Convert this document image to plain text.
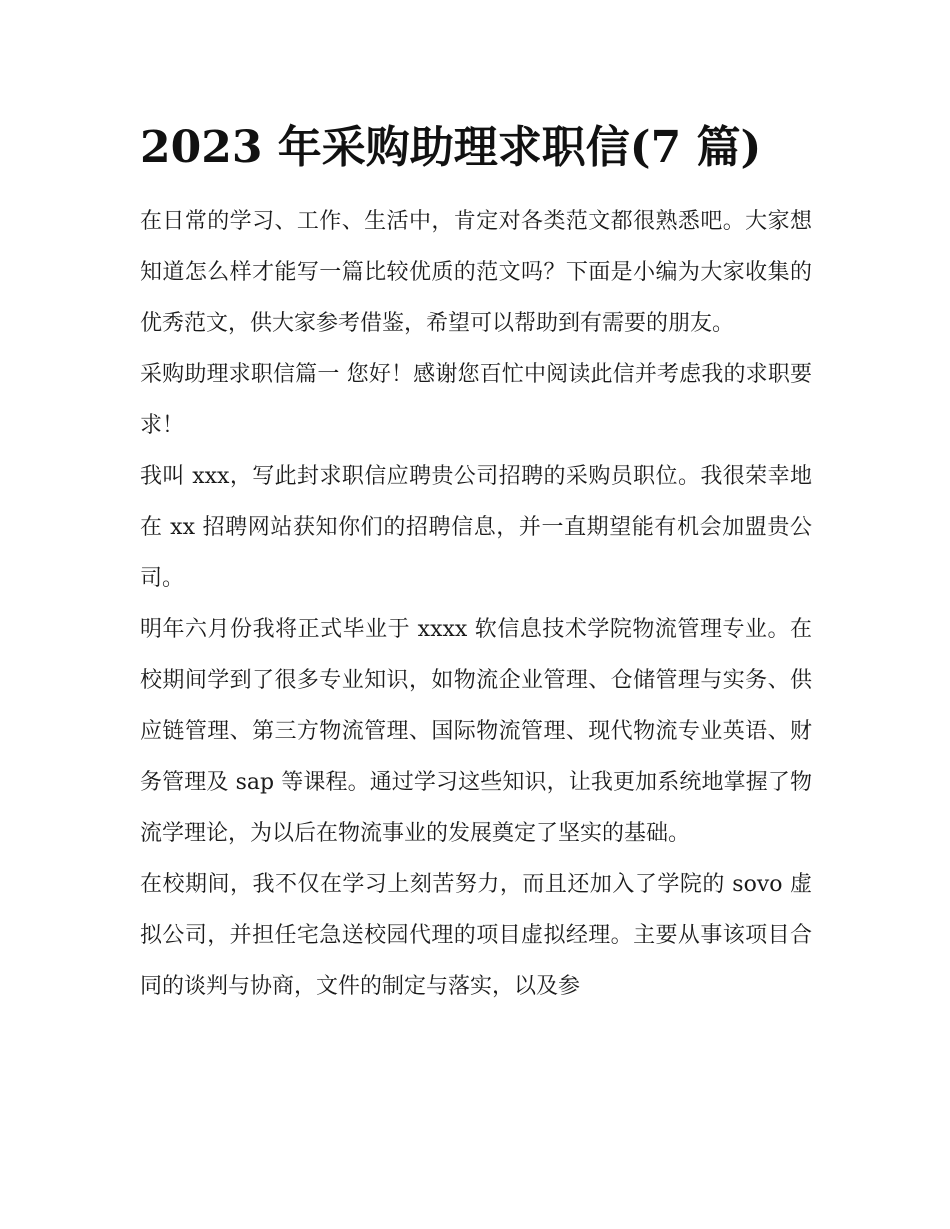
2023 年采购助理求职信(7 篇)

在日常的学习、工作、生活中，肯定对各类范文都很熟悉吧。大家想知道怎么样才能写一篇比较优质的范文吗？下面是小编为大家收集的优秀范文，供大家参考借鉴，希望可以帮助到有需要的朋友。

采购助理求职信篇一 您好！感谢您百忙中阅读此信并考虑我的求职要求！

我叫 xxx，写此封求职信应聘贵公司招聘的采购员职位。我很荣幸地在 xx 招聘网站获知你们的招聘信息，并一直期望能有机会加盟贵公司。

明年六月份我将正式毕业于 xxxx 软信息技术学院物流管理专业。在校期间学到了很多专业知识，如物流企业管理、仓储管理与实务、供应链管理、第三方物流管理、国际物流管理、现代物流专业英语、财务管理及 sap 等课程。通过学习这些知识，让我更加系统地掌握了物流学理论，为以后在物流事业的发展奠定了坚实的基础。

在校期间，我不仅在学习上刻苦努力，而且还加入了学院的 sovo 虚拟公司，并担任宅急送校园代理的项目虚拟经理。主要从事该项目合同的谈判与协商，文件的制定与落实，以及参
